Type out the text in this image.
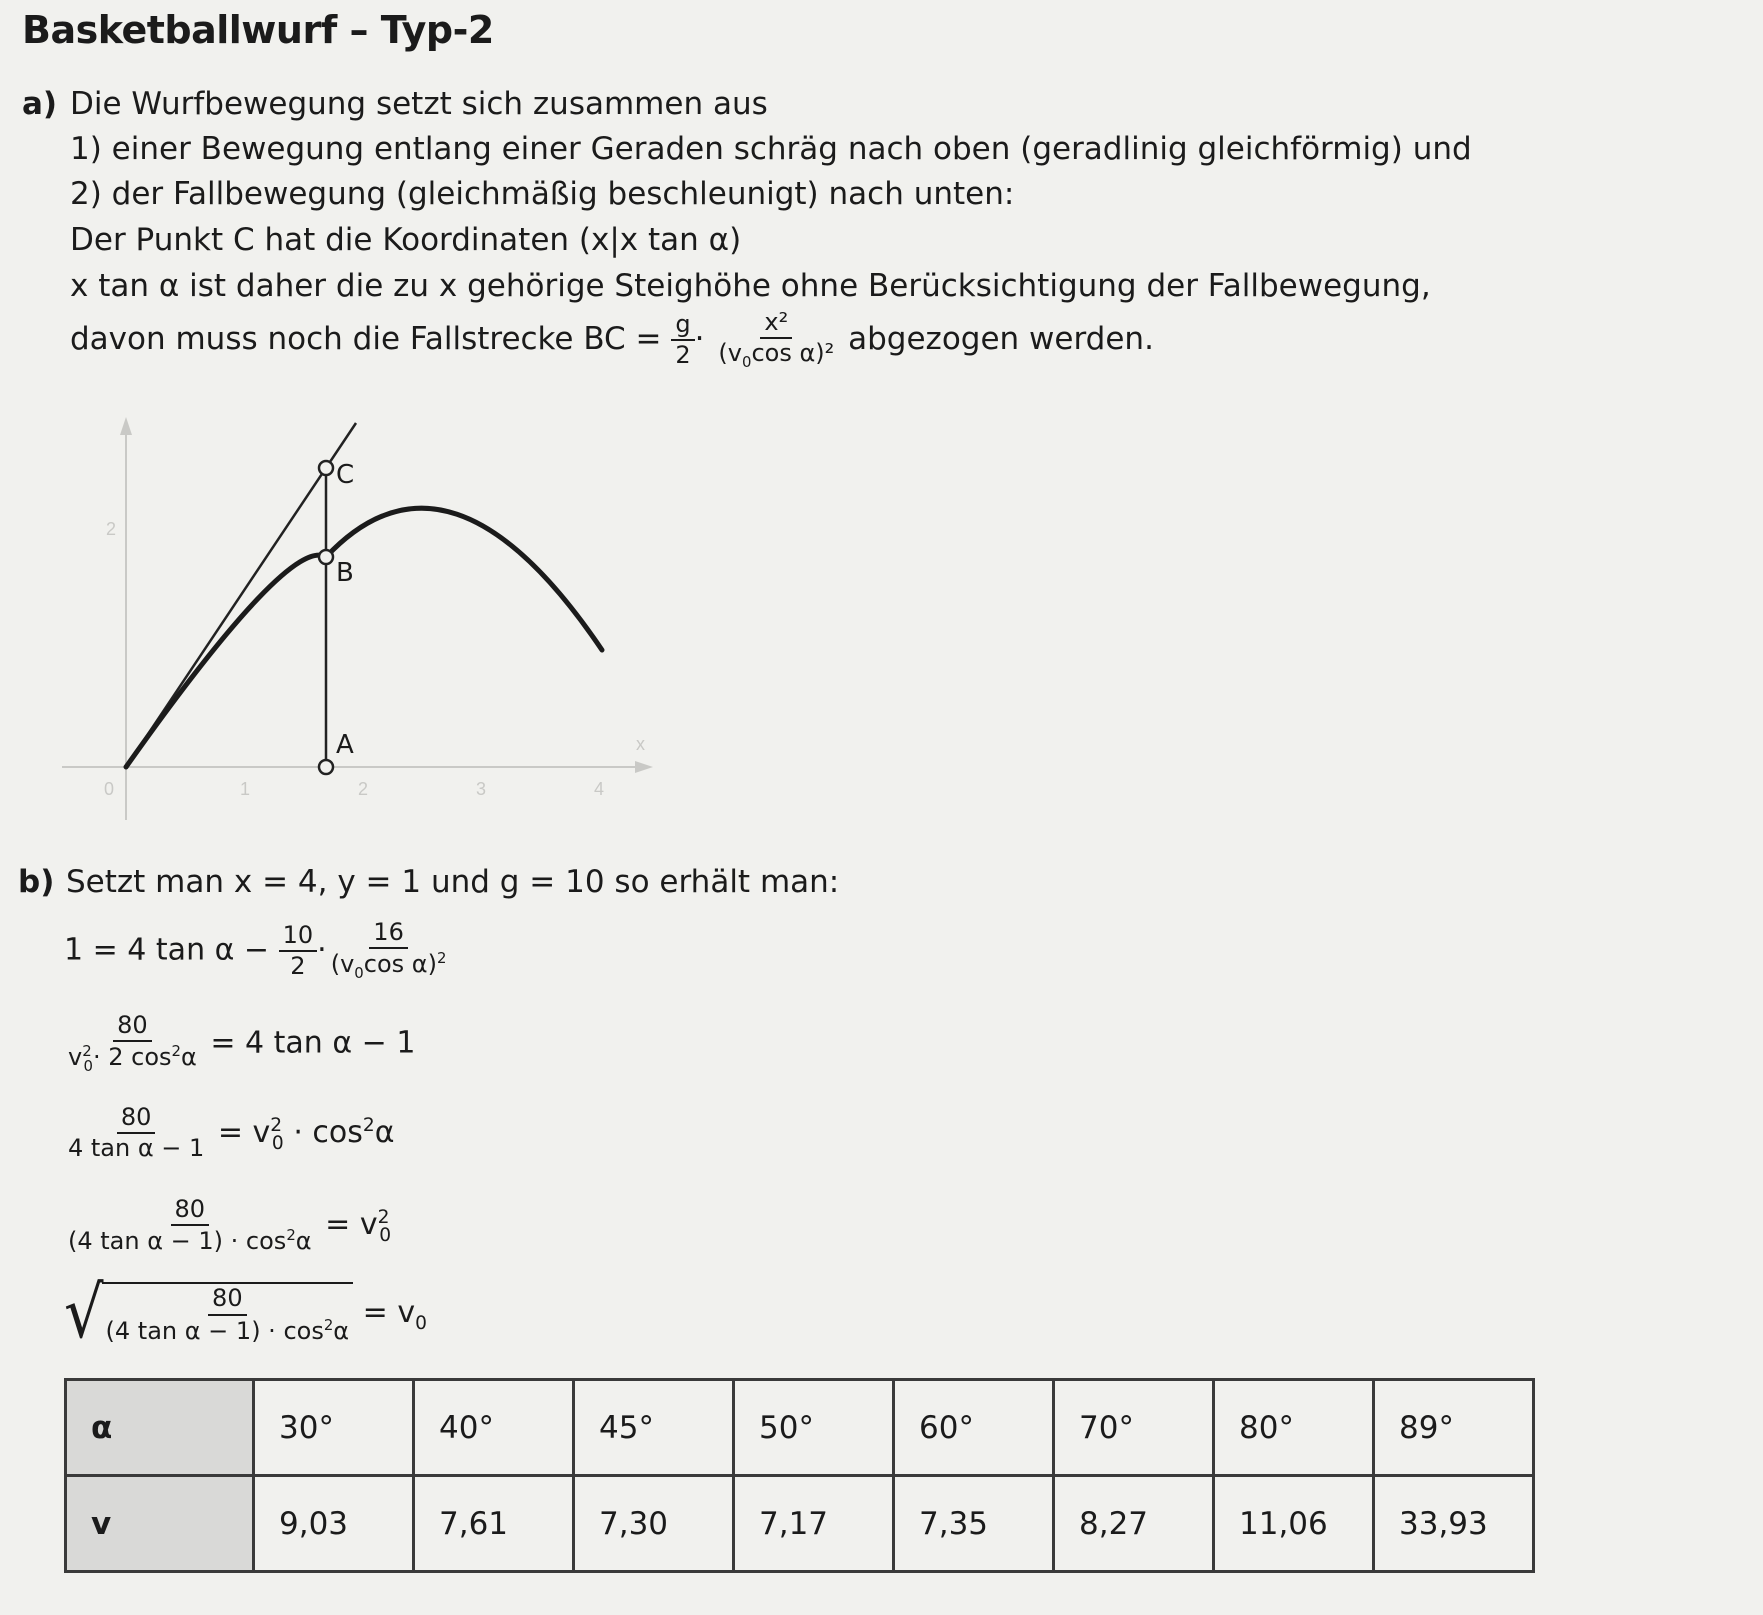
Basketballwurf – Typ-2
a) Die Wurfbewegung setzt sich zusammen aus
1) einer Bewegung entlang einer Geraden schräg nach oben (geradlinig gleichförmig) und
2) der Fallbewegung (gleichmäßig beschleunigt) nach unten:
Der Punkt C hat die Koordinaten (x|x tan α)
x tan α ist daher die zu x gehörige Steighöhe ohne Berücksichtigung der Fallbewegung,
davon muss noch die Fallstrecke BC = $\frac{g}{2} \cdot \frac{\text{x²}}{(v_0\cos \alpha)^2}$ abgezogen werden.
x
2
0	1	2	3	4
C
B
A
b) Setzt man x = 4, y = 1 und g = 10 so erhält man:
1 = 4 $\tan \alpha - \frac{10}{2} \cdot \frac{16}{(v_0\cos \alpha)^2}$
$\frac{80}{v^2_0\cdot 2 \cos^2\alpha} = 4$ tan α − 1
$\frac{80}{\text{4 tan α − 1}} = v^2_0 \cdot \cos^2\alpha$
$\frac{80}{(4 \tan \alpha - 1) \cdot \cos^2\alpha} = v^2_0$
√
$\frac{80}{(4 \tan \alpha - 1) \cdot \cos^2\alpha} = v_0$
α	30°	40°	45°	50°	60°	70°	80°	89°
v	9,03	7,61	7,30	7,17	7,35	8,27	11,06	33,93
